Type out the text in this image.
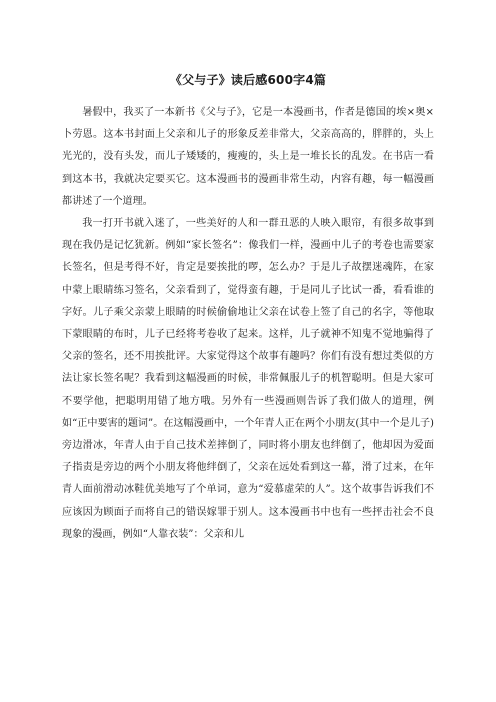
《父与子》读后感600字4篇

暑假中，我买了一本新书《父与子》，它是一本漫画书，作者是德国的埃×奥×卜劳恩。这本书封面上父亲和儿子的形象反差非常大，父亲高高的，胖胖的，头上光光的，没有头发，而儿子矮矮的，瘦瘦的，头上是一堆长长的乱发。在书店一看到这本书，我就决定要买它。这本漫画书的漫画非常生动，内容有趣，每一幅漫画都讲述了一个道理。

我一打开书就入迷了，一些美好的人和一群丑恶的人映入眼帘，有很多故事到现在我仍是记忆犹新。例如“家长签名”：像我们一样，漫画中儿子的考卷也需要家长签名，但是考得不好，肯定是要挨批的啰，怎么办？于是儿子故摆迷魂阵，在家中蒙上眼睛练习签名，父亲看到了，觉得蛮有趣，于是同儿子比试一番，看看谁的字好。儿子乘父亲蒙上眼睛的时候偷偷地让父亲在试卷上签了自己的名字，等他取下蒙眼睛的布时，儿子已经将考卷收了起来。这样，儿子就神不知鬼不觉地骗得了父亲的签名，还不用挨批评。大家觉得这个故事有趣吗？你们有没有想过类似的方法让家长签名呢？我看到这幅漫画的时候，非常佩服儿子的机智聪明。但是大家可不要学他，把聪明用错了地方哦。另外有一些漫画则告诉了我们做人的道理，例如“正中要害的题词”。在这幅漫画中，一个年青人正在两个小朋友(其中一个是儿子)旁边滑冰，年青人由于自己技术差摔倒了，同时将小朋友也绊倒了，他却因为爱面子指责是旁边的两个小朋友将他绊倒了，父亲在远处看到这一幕，滑了过来，在年青人面前滑动冰鞋优美地写了个单词，意为“爱慕虚荣的人”。这个故事告诉我们不应该因为顾面子而将自己的错误嫁罪于别人。这本漫画书中也有一些抨击社会不良现象的漫画，例如“人靠衣装”：父亲和儿
